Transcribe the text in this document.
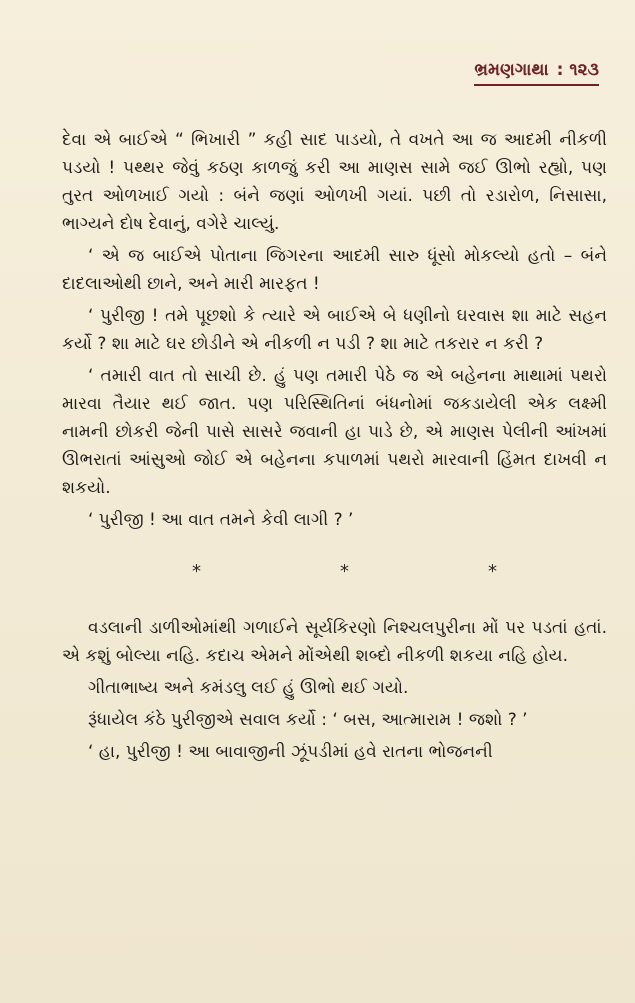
ભ્રમણગાથા : ૧૨૩

દેવા એ બાઈએ “ ભિખારી ” કહી સાદ પાડયો, તે વખતે આ જ આદમી નીકળી પડયો ! પથ્થર જેવું કઠણ કાળજું કરી આ માણસ સામે જઈ ઊભો રહ્યો, પણ તુરત ઓળખાઈ ગયો : બંને જણાં ઓળખી ગયાં. પછી તો રડારોળ, નિસાસા, ભાગ્યને દોષ દેવાનું, વગેરે ચાલ્યું.

‘ એ જ બાઈએ પોતાના જિગરના આદમી સારુ ધૂંસો મોકલ્યો હતો – બંને દાદલાઓથી છાને, અને મારી મારફત !

‘ પુરીજી ! તમે પૂછશો કે ત્યારે એ બાઈએ બે ધણીનો ઘરવાસ શા માટે સહન કર્યો ? શા માટે ઘર છોડીને એ નીકળી ન પડી ? શા માટે તકરાર ન કરી ?

‘ તમારી વાત તો સાચી છે. હું પણ તમારી પેઠે જ એ બહેનના માથામાં પથરો મારવા તૈયાર થઈ જાત. પણ પરિસ્થિતિનાં બંધનોમાં જકડાયેલી એક લક્ષ્મી નામની છોકરી જેની પાસે સાસરે જવાની હા પાડે છે, એ માણસ પેલીની આંખમાં ઊભરાતાં આંસુઓ જોઈ એ બહેનના કપાળમાં પથરો મારવાની હિંમત દાખવી ન શકયો.

‘ પુરીજી ! આ વાત તમને કેવી લાગી ? ’

*	*	*

વડલાની ડાળીઓમાંથી ગળાઈને સૂર્યકિરણો નિશ્ચલપુરીના મોં પર પડતાં હતાં. એ કશું બોલ્યા નહિ. કદાચ એમને મોંએથી શબ્દો નીકળી શકયા નહિ હોય.

ગીતાભાષ્ય અને કમંડલુ લઈ હું ઊભો થઈ ગયો.

રૂંધાયેલ કંઠે પુરીજીએ સવાલ કર્યો : ‘ બસ, આત્મારામ ! જશો ? ’

‘ હા, પુરીજી ! આ બાવાજીની ઝૂંપડીમાં હવે રાતના ભોજનની
